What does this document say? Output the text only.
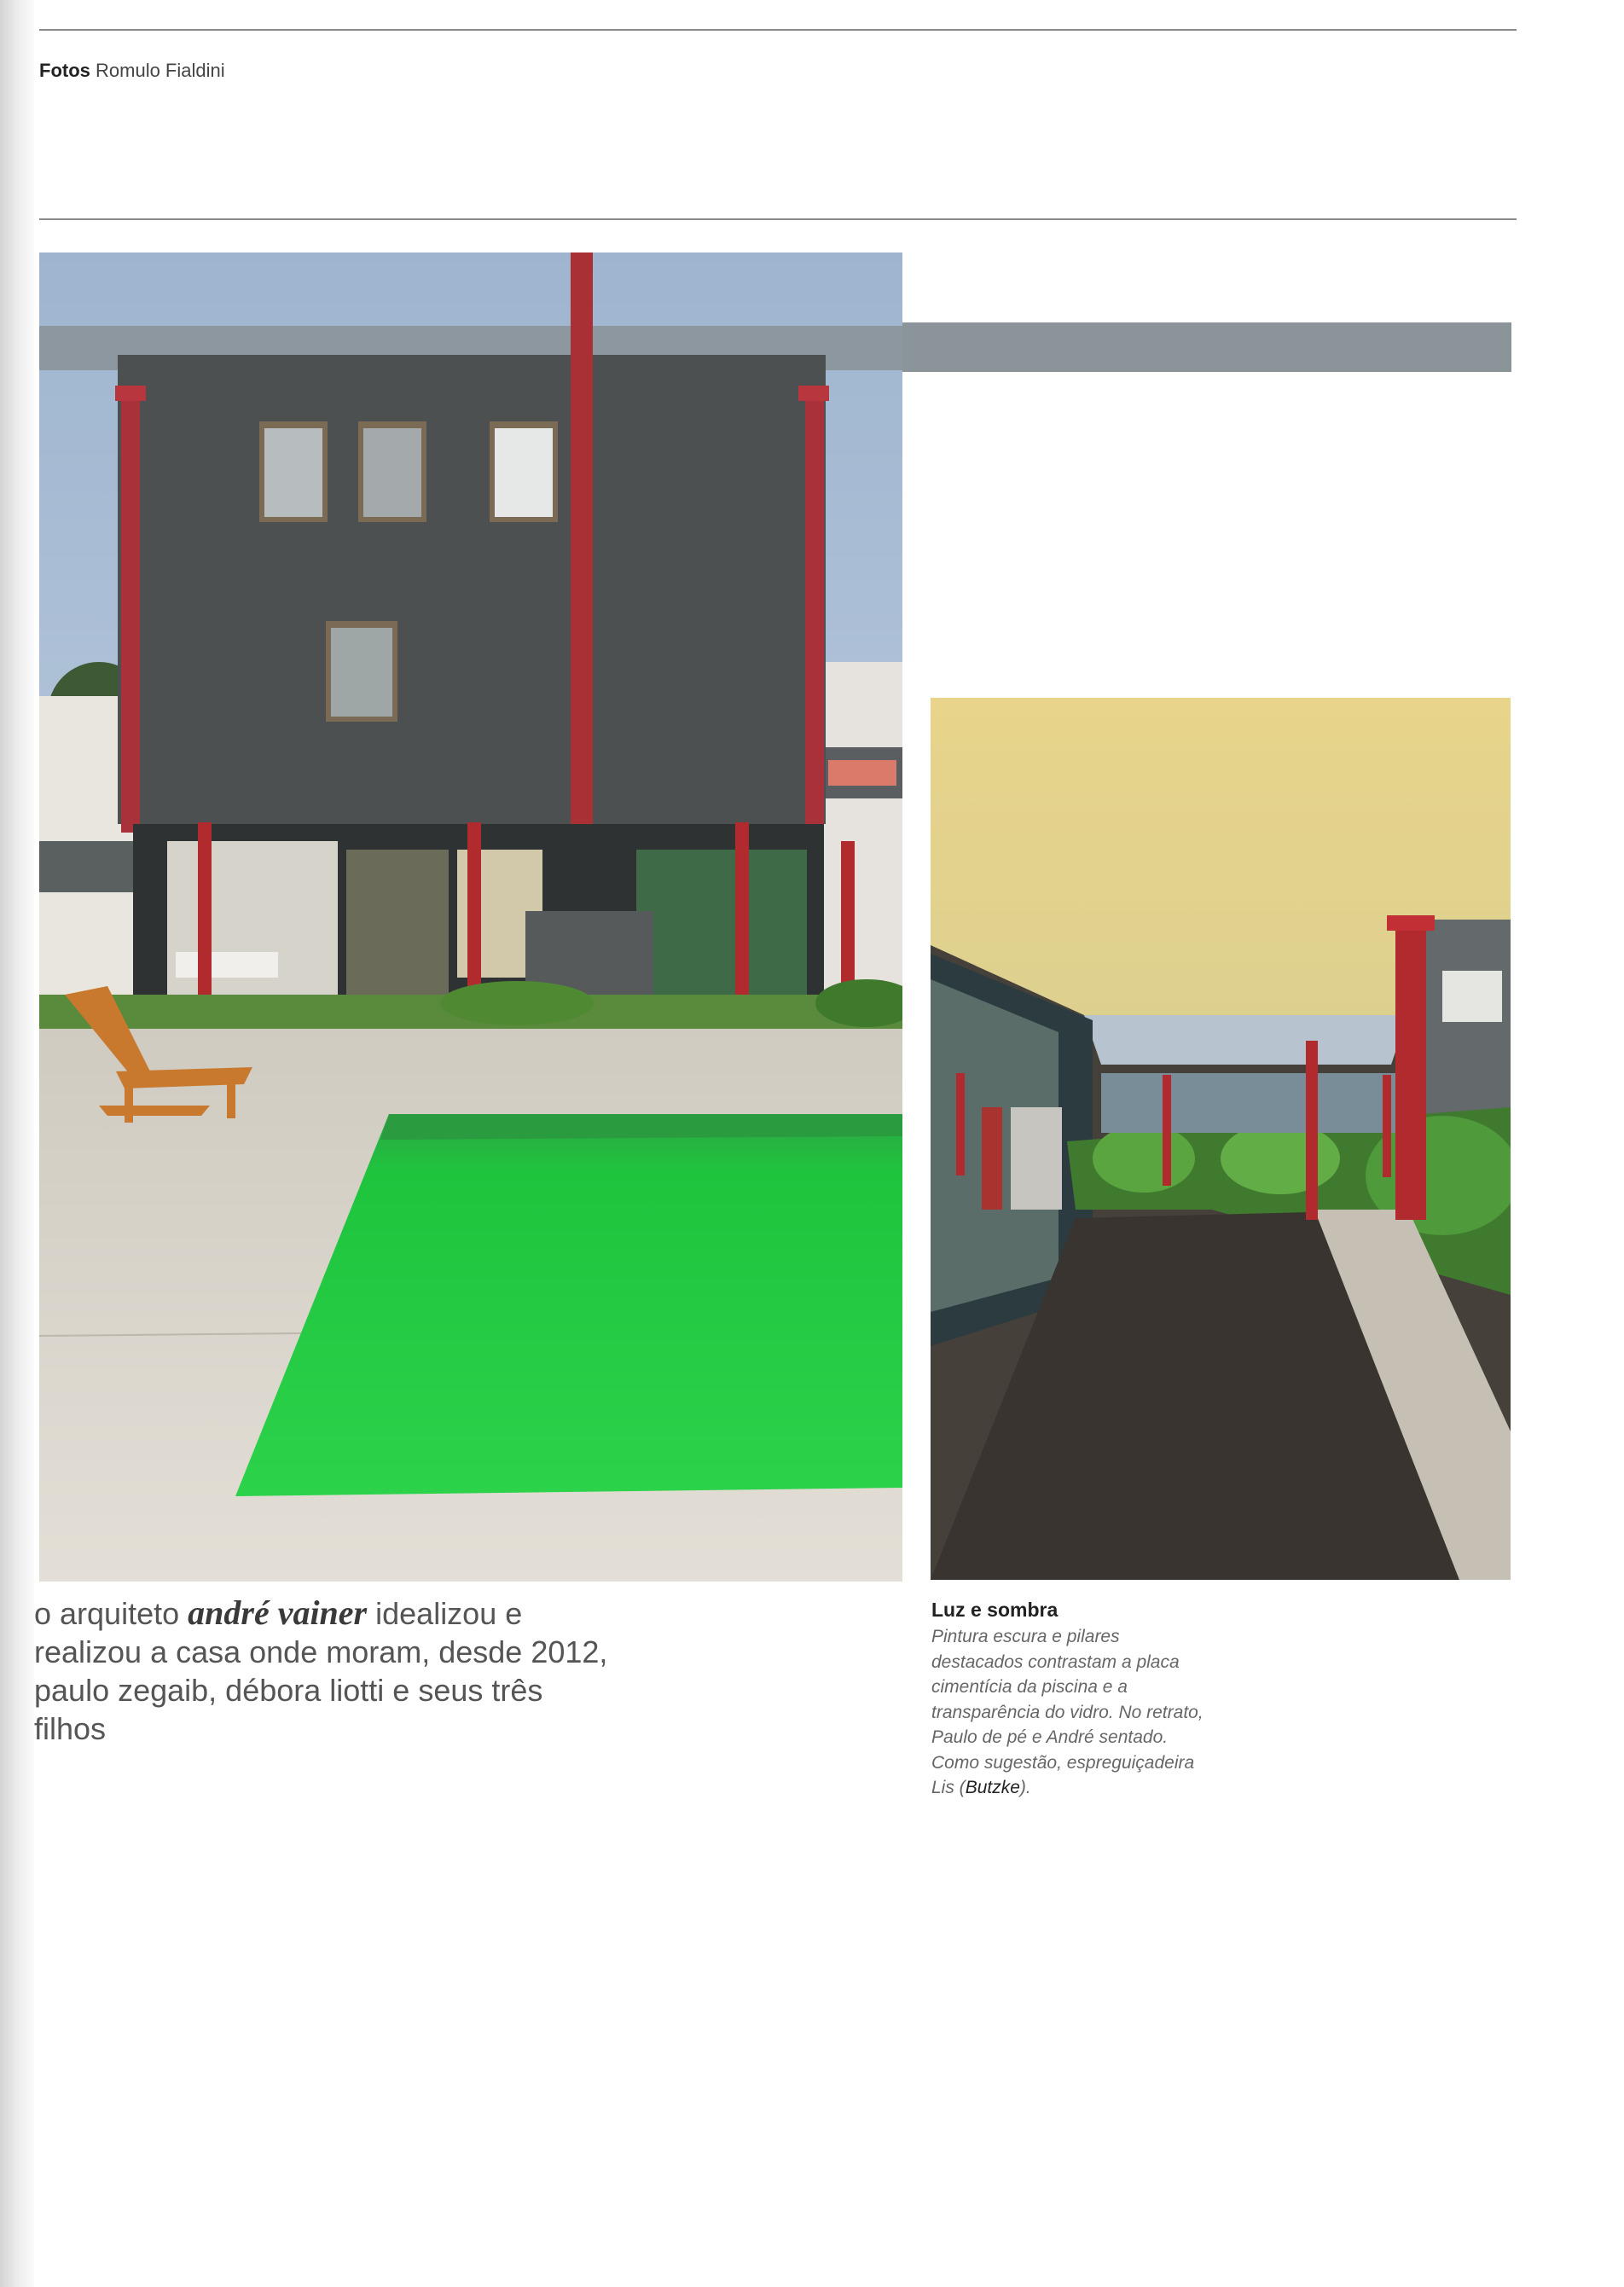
Fotos Romulo Fialdini
o arquiteto andré vainer idealizou e realizou a casa onde moram, desde 2012, paulo zegaib, débora liotti e seus três filhos
Luz e sombra
Pintura escura e pilares destacados contrastam a placa cimentícia da piscina e a transparência do vidro. No retrato, Paulo de pé e André sentado. Como sugestão, espreguiçadeira Lis (Butzke).
